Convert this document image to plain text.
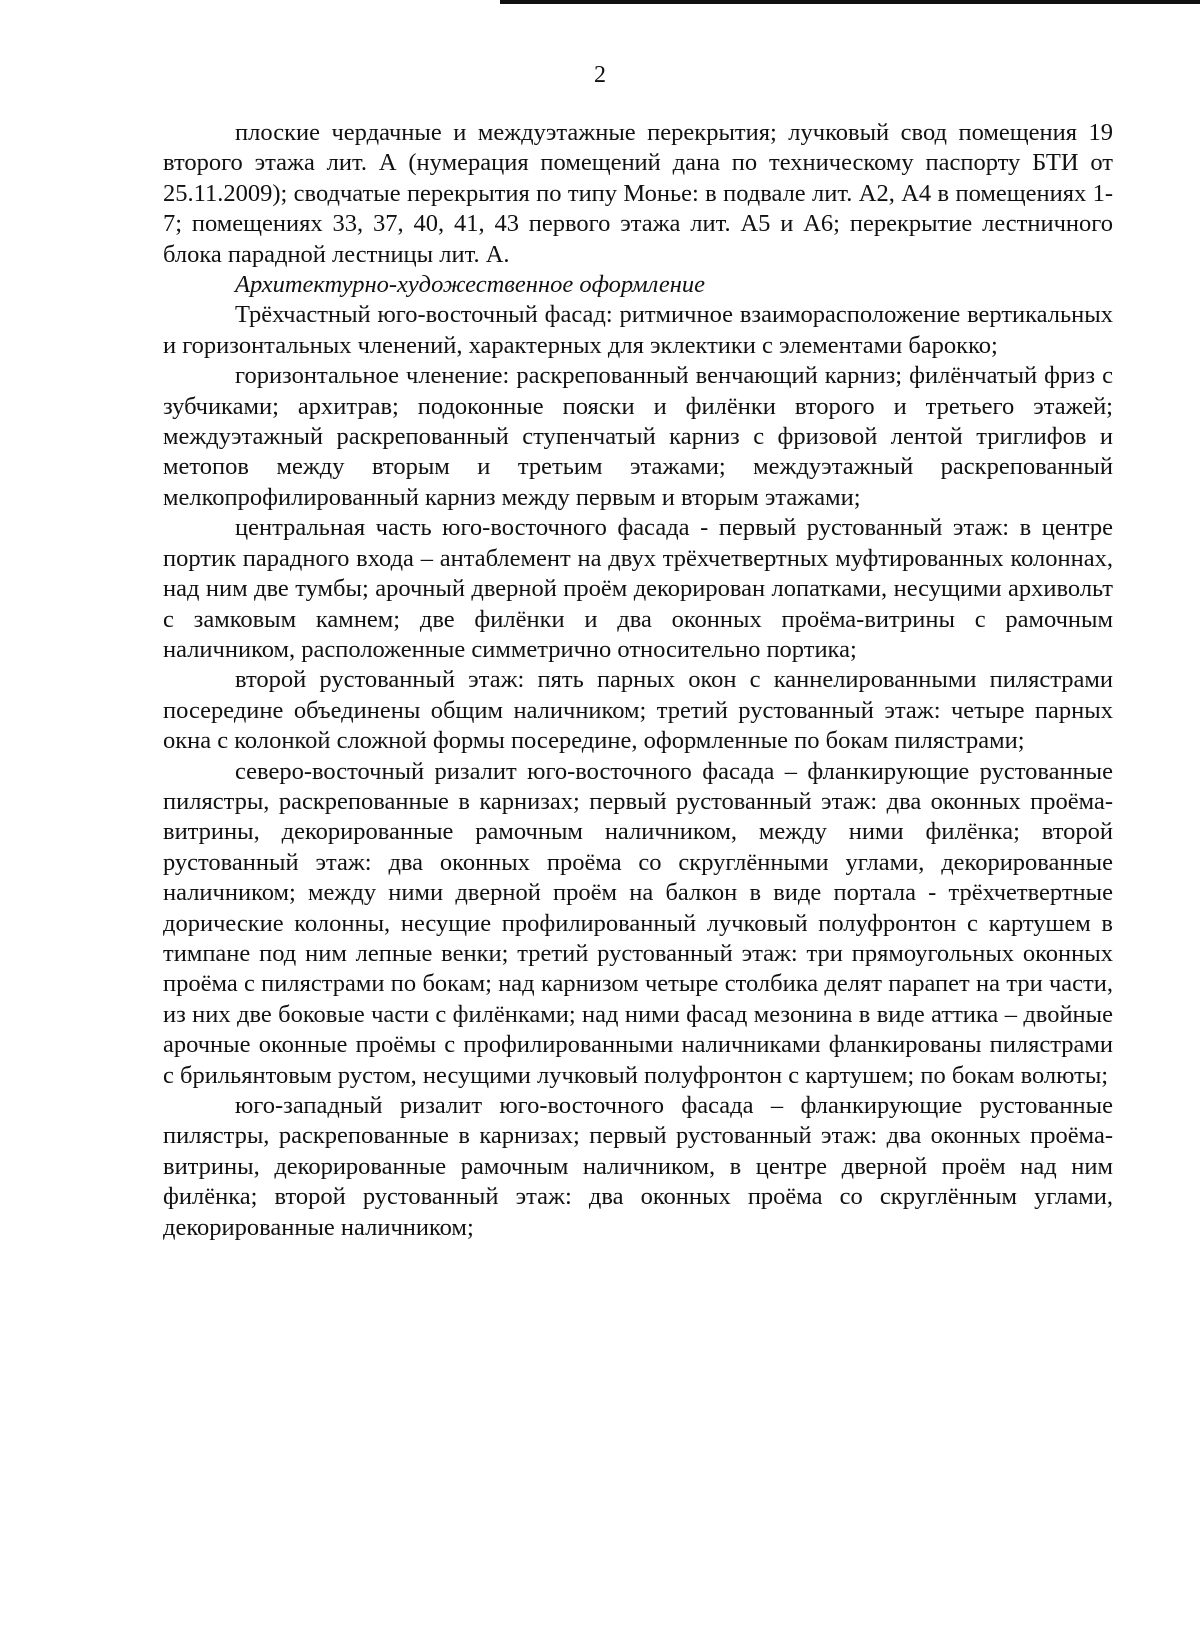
2

плоские чердачные и междуэтажные перекрытия; лучковый свод помещения 19 второго этажа лит. А (нумерация помещений дана по техническому паспорту БТИ от 25.11.2009); сводчатые перекрытия по типу Монье: в подвале лит. А2, А4 в помещениях 1-7; помещениях 33, 37, 40, 41, 43 первого этажа лит. А5 и А6; перекрытие лестничного блока парадной лестницы лит. А.

Архитектурно-художественное оформление

Трёхчастный юго-восточный фасад: ритмичное взаиморасположение вертикальных и горизонтальных членений, характерных для эклектики с элементами барокко;

горизонтальное членение: раскрепованный венчающий карниз; филёнчатый фриз с зубчиками; архитрав; подоконные пояски и филёнки второго и третьего этажей; междуэтажный раскрепованный ступенчатый карниз с фризовой лентой триглифов и метопов между вторым и третьим этажами; междуэтажный раскрепованный мелкопрофилированный карниз между первым и вторым этажами;

центральная часть юго-восточного фасада - первый рустованный этаж: в центре портик парадного входа – антаблемент на двух трёхчетвертных муфтированных колоннах, над ним две тумбы; арочный дверной проём декорирован лопатками, несущими архивольт с замковым камнем; две филёнки и два оконных проёма-витрины с рамочным наличником, расположенные симметрично относительно портика;

второй рустованный этаж: пять парных окон с каннелированными пилястрами посередине объединены общим наличником; третий рустованный этаж: четыре парных окна с колонкой сложной формы посередине, оформленные по бокам пилястрами;

северо-восточный ризалит юго-восточного фасада – фланкирующие рустованные пилястры, раскрепованные в карнизах; первый рустованный этаж: два оконных проёма-витрины, декорированные рамочным наличником, между ними филёнка; второй рустованный этаж: два оконных проёма со скруглёнными углами, декорированные наличником; между ними дверной проём на балкон в виде портала - трёхчетвертные дорические колонны, несущие профилированный лучковый полуфронтон с картушем в тимпане под ним лепные венки; третий рустованный этаж: три прямоугольных оконных проёма с пилястрами по бокам; над карнизом четыре столбика делят парапет на три части, из них две боковые части с филёнками; над ними фасад мезонина в виде аттика – двойные арочные оконные проёмы с профилированными наличниками фланкированы пилястрами с брильянтовым рустом, несущими лучковый полуфронтон с картушем; по бокам волюты;

юго-западный ризалит юго-восточного фасада – фланкирующие рустованные пилястры, раскрепованные в карнизах; первый рустованный этаж: два оконных проёма-витрины, декорированные рамочным наличником, в центре дверной проём над ним филёнка; второй рустованный этаж: два оконных проёма со скруглённым углами, декорированные наличником;
